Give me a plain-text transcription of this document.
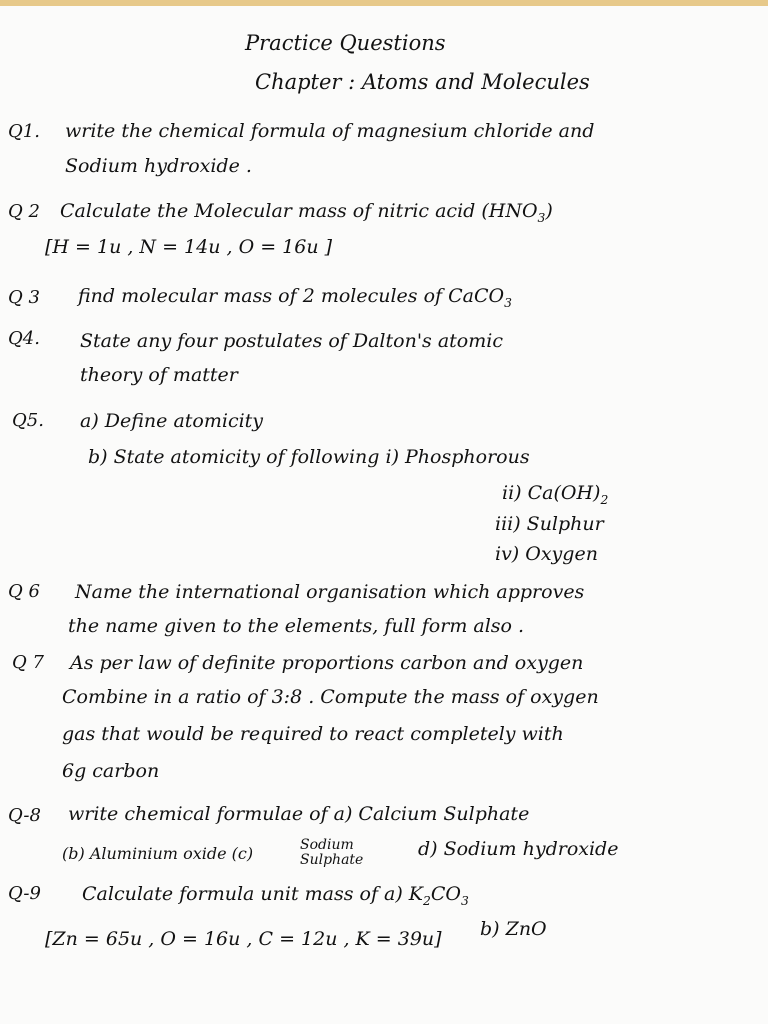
Practice Questions
Chapter : Atoms and Molecules
Q1. write the chemical formula of magnesium chloride and
Sodium hydroxide .
Q 2 Calculate the Molecular mass of nitric acid $(HNO_3)$
[H = 1u , N = 14u , O = 16u ]
Q 3 find molecular mass of 2 molecules of CaCO$_3$
Q4. State any four postulates of Dalton's atomic
theory of matter
Q5. a) Define atomicity
b) State atomicity of following i) Phosphorous
ii) $Ca(OH)_2$
iii) Sulphur
iv) Oxygen
Q 6 Name the international organisation which approves
the name given to the elements, full form also .
Q 7 As per law of definite proportions carbon and oxygen
Combine in a ratio of 3:8 . Compute the mass of oxygen
gas that would be required to react completely with
6g carbon
Q-8 write chemical formulae of a) Calcium Sulphate
(b) Aluminium oxide (c)	Sodium
Sulphate	d) Sodium hydroxide
Q-9 Calculate formula unit mass of a) $K_2CO_3$
[Zn = 65u , O = 16u , C = 12u , K = 39u] b) ZnO
